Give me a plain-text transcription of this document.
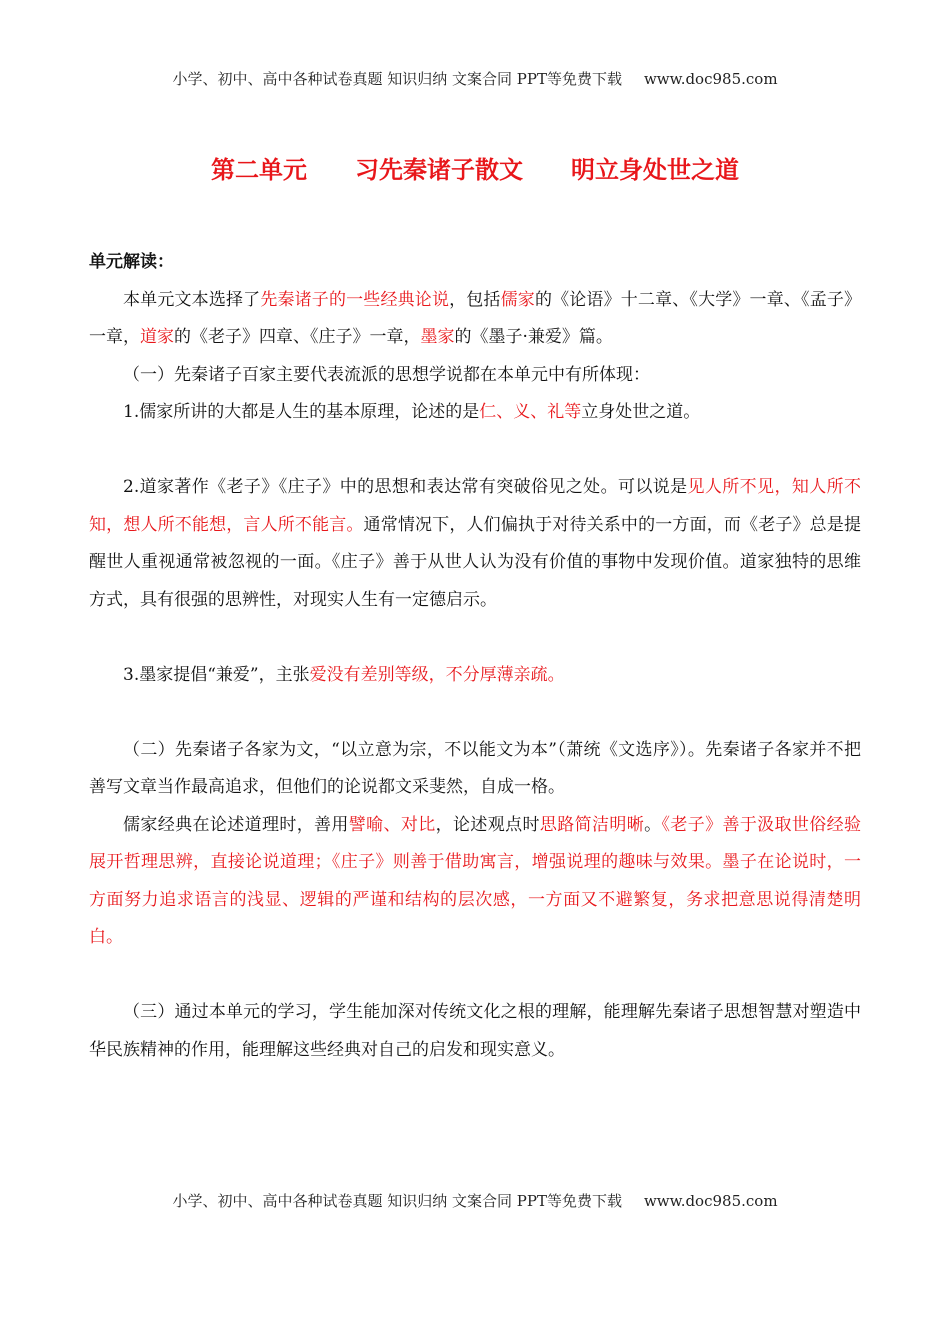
小学、初中、高中各种试卷真题 知识归纳 文案合同 PPT等免费下载 www.doc985.com
第二单元 习先秦诸子散文 明立身处世之道

单元解读：

本单元文本选择了先秦诸子的一些经典论说，包括儒家的《论语》十二章、《大学》一章、《孟子》一章，道家的《老子》四章、《庄子》一章，墨家的《墨子·兼爱》篇。

（一）先秦诸子百家主要代表流派的思想学说都在本单元中有所体现：

1.儒家所讲的大都是人生的基本原理，论述的是仁、义、礼等立身处世之道。

2.道家著作《老子》《庄子》中的思想和表达常有突破俗见之处。可以说是见人所不见，知人所不知，想人所不能想，言人所不能言。通常情况下，人们偏执于对待关系中的一方面，而《老子》总是提醒世人重视通常被忽视的一面。《庄子》善于从世人认为没有价值的事物中发现价值。道家独特的思维方式，具有很强的思辨性，对现实人生有一定德启示。

3.墨家提倡“兼爱”，主张爱没有差别等级，不分厚薄亲疏。

（二）先秦诸子各家为文，“以立意为宗，不以能文为本”（萧统《文选序》）。先秦诸子各家并不把善写文章当作最高追求，但他们的论说都文采斐然，自成一格。

儒家经典在论述道理时，善用譬喻、对比，论述观点时思路简洁明晰。《老子》善于汲取世俗经验展开哲理思辨，直接论说道理；《庄子》则善于借助寓言，增强说理的趣味与效果。墨子在论说时，一方面努力追求语言的浅显、逻辑的严谨和结构的层次感，一方面又不避繁复，务求把意思说得清楚明白。

（三）通过本单元的学习，学生能加深对传统文化之根的理解，能理解先秦诸子思想智慧对塑造中华民族精神的作用，能理解这些经典对自己的启发和现实意义。

小学、初中、高中各种试卷真题 知识归纳 文案合同 PPT等免费下载 www.doc985.com
